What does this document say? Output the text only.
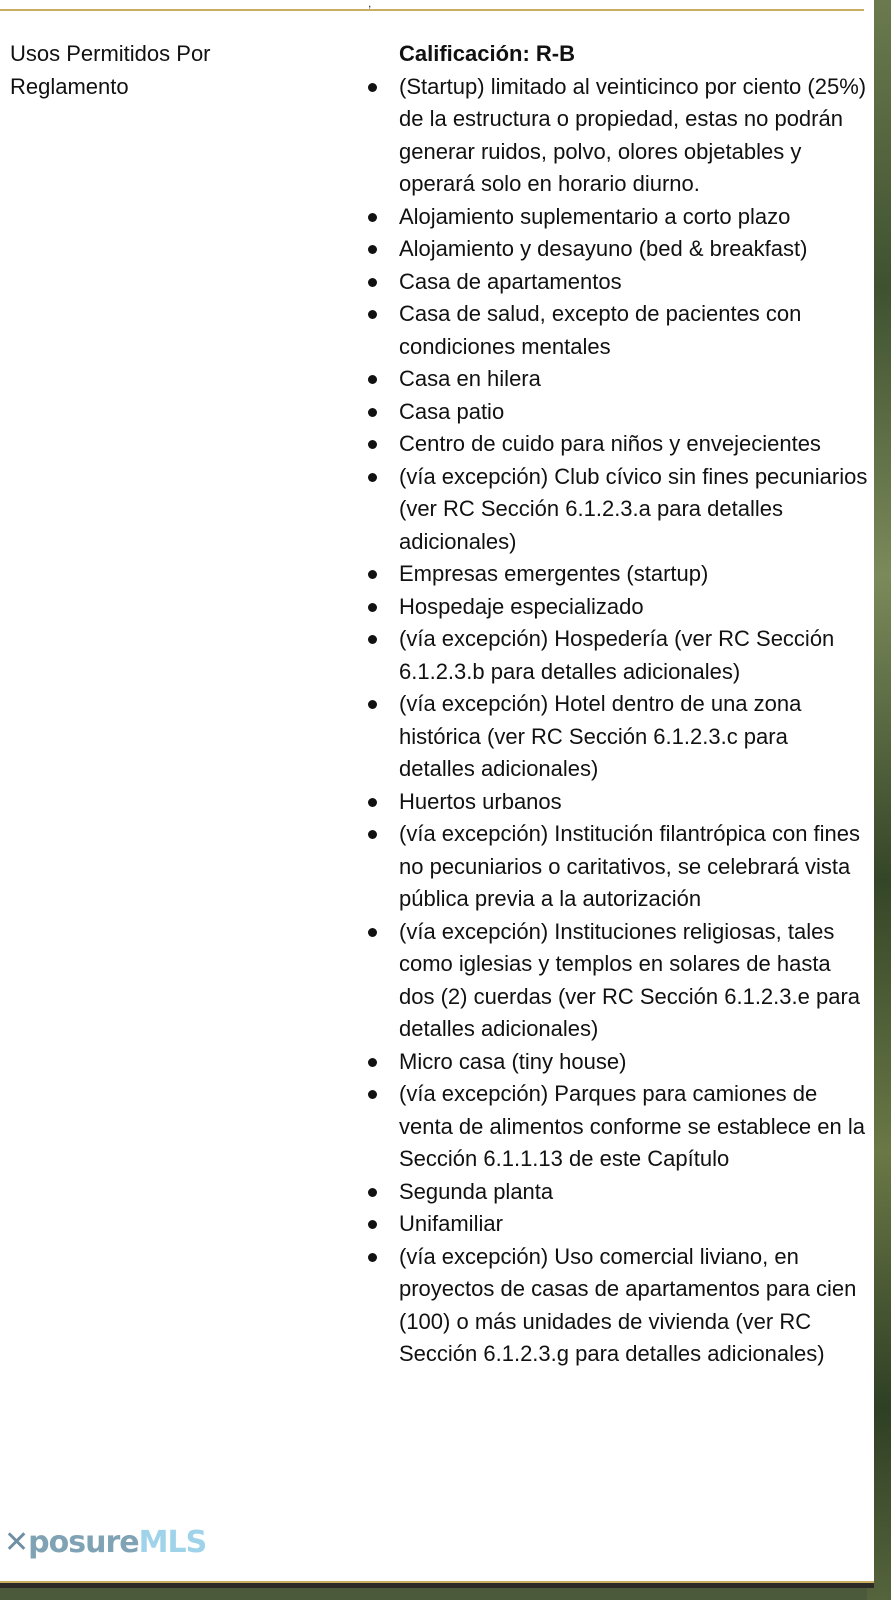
,
Usos Permitidos Por
Reglamento

Calificación: R-B

(Startup) limitado al veinticinco por ciento (25%) de la estructura o propiedad, estas no podrán generar ruidos, polvo, olores objetables y operará solo en horario diurno.
Alojamiento suplementario a corto plazo
Alojamiento y desayuno (bed & breakfast)
Casa de apartamentos
Casa de salud, excepto de pacientes con condiciones mentales
Casa en hilera
Casa patio
Centro de cuido para niños y envejecientes
(vía excepción) Club cívico sin fines pecuniarios (ver RC Sección 6.1.2.3.a para detalles adicionales)
Empresas emergentes (startup)
Hospedaje especializado
(vía excepción) Hospedería (ver RC Sección 6.1.2.3.b para detalles adicionales)
(vía excepción) Hotel dentro de una zona histórica (ver RC Sección 6.1.2.3.c para detalles adicionales)
Huertos urbanos
(vía excepción) Institución filantrópica con fines no pecuniarios o caritativos, se celebrará vista pública previa a la autorización
(vía excepción) Instituciones religiosas, tales como iglesias y templos en solares de hasta dos (2) cuerdas (ver RC Sección 6.1.2.3.e para detalles adicionales)
Micro casa (tiny house)
(vía excepción) Parques para camiones de venta de alimentos conforme se establece en la Sección 6.1.1.13 de este Capítulo
Segunda planta
Unifamiliar
(vía excepción) Uso comercial liviano, en proyectos de casas de apartamentos para cien (100) o más unidades de vivienda (ver RC Sección 6.1.2.3.g para detalles adicionales)
✕posureMLS
